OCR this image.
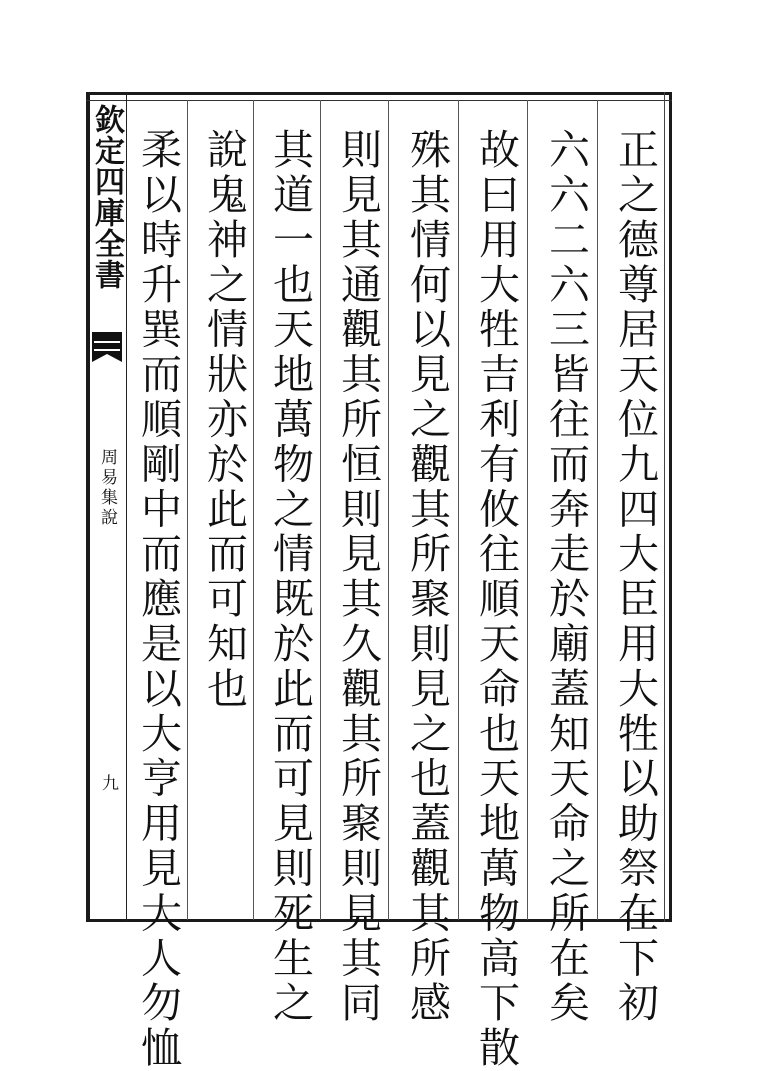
欽定四庫全書
周易集說
九	正之德尊居天位九四大臣用大牲以助祭在下初
六六二六三皆往而奔走於廟蓋知天命之所在矣
故曰用大牲吉利有攸往順天命也天地萬物高下散
殊其情何以見之觀其所聚則見之也蓋觀其所感
則見其通觀其所恒則見其久觀其所聚則見其同
其道一也天地萬物之情既於此而可見則死生之
說鬼神之情狀亦於此而可知也
柔以時升巽而順剛中而應是以大亨用見大人勿恤
